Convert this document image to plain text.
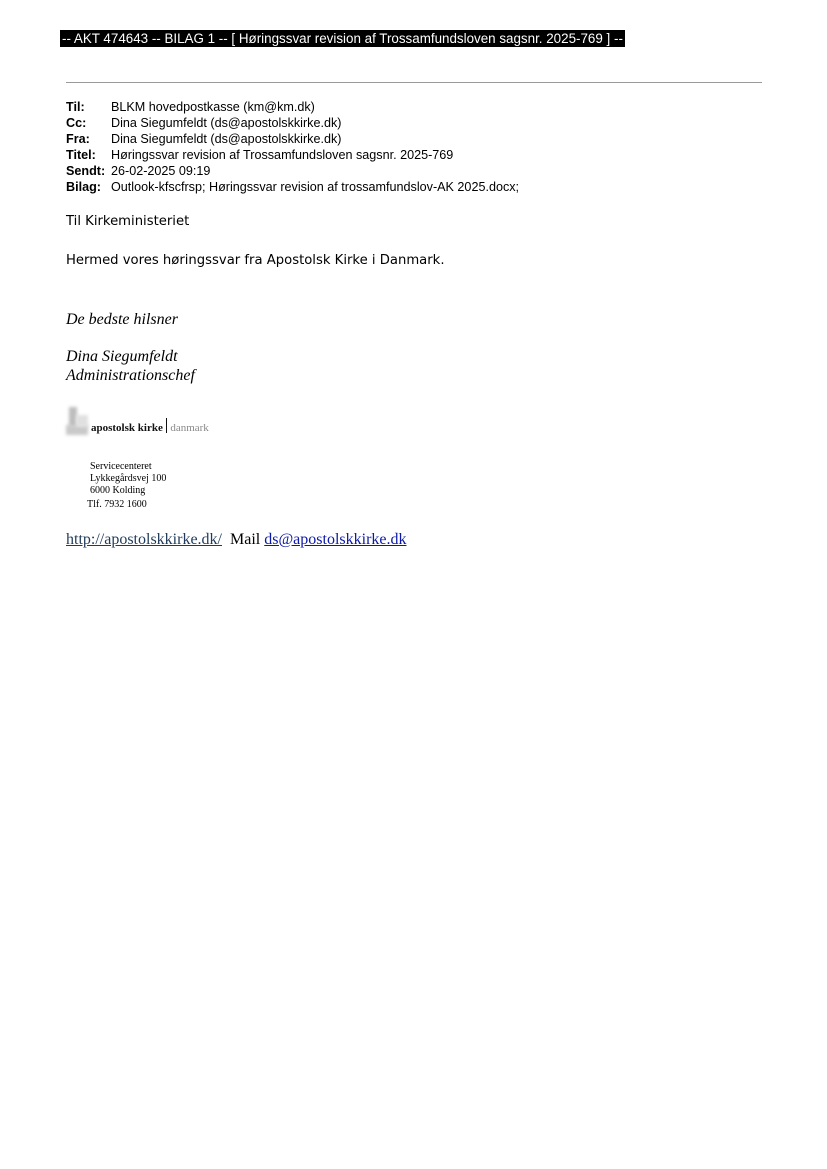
-- AKT 474643 -- BILAG 1 -- [ Høringssvar revision af Trossamfundsloven sagsnr. 2025-769 ] --
Til:	BLKM hovedpostkasse (km@km.dk)
Cc:	Dina Siegumfeldt (ds@apostolskkirke.dk)
Fra:	Dina Siegumfeldt (ds@apostolskkirke.dk)
Titel:	Høringssvar revision af Trossamfundsloven sagsnr. 2025-769
Sendt: 26-02-2025 09:19
Bilag: Outlook-kfscfrsp; Høringssvar revision af trossamfundslov-AK 2025.docx;
Til Kirkeministeriet
Hermed vores høringssvar fra Apostolsk Kirke i Danmark.
De bedste hilsner
Dina Siegumfeldt
Administrationschef
apostolsk kirke danmark
Servicecenteret
Lykkegårdsvej 100
6000 Kolding
Tlf. 7932 1600
http://apostolskkirke.dk/ Mail ds@apostolskkirke.dk
